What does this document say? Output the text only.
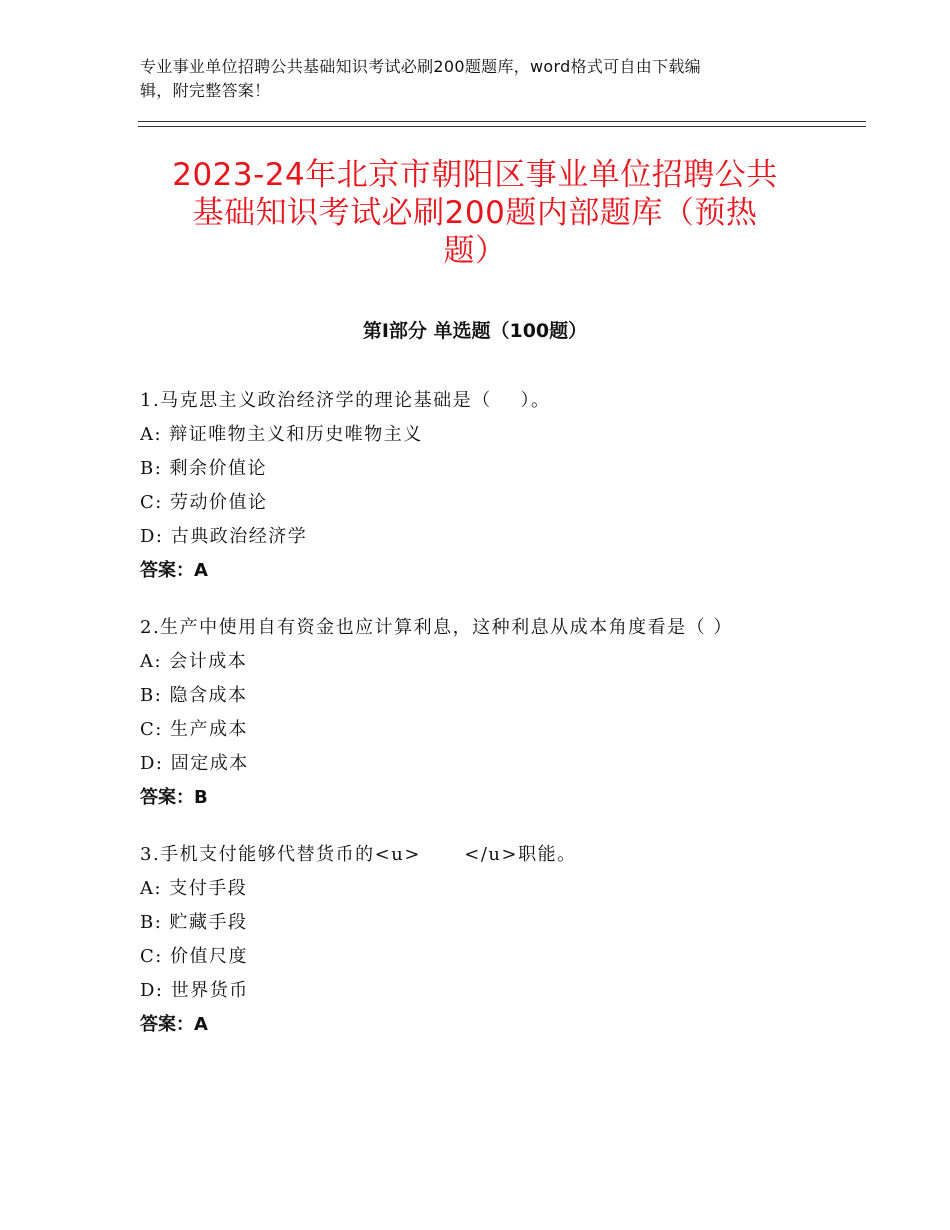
专业事业单位招聘公共基础知识考试必刷200题题库，word格式可自由下载编
辑，附完整答案！
2023-24年北京市朝阳区事业单位招聘公共
基础知识考试必刷200题内部题库（预热
题）
第Ⅰ部分 单选题（100题）
1.马克思主义政治经济学的理论基础是（    ）。
A: 辩证唯物主义和历史唯物主义
B: 剩余价值论
C: 劳动价值论
D: 古典政治经济学
答案：A
2.生产中使用自有资金也应计算利息，这种利息从成本角度看是（ ）
A: 会计成本
B: 隐含成本
C: 生产成本
D: 固定成本
答案：B
3.手机支付能够代替货币的<u>      </u>职能。
A: 支付手段
B: 贮藏手段
C: 价值尺度
D: 世界货币
答案：A
